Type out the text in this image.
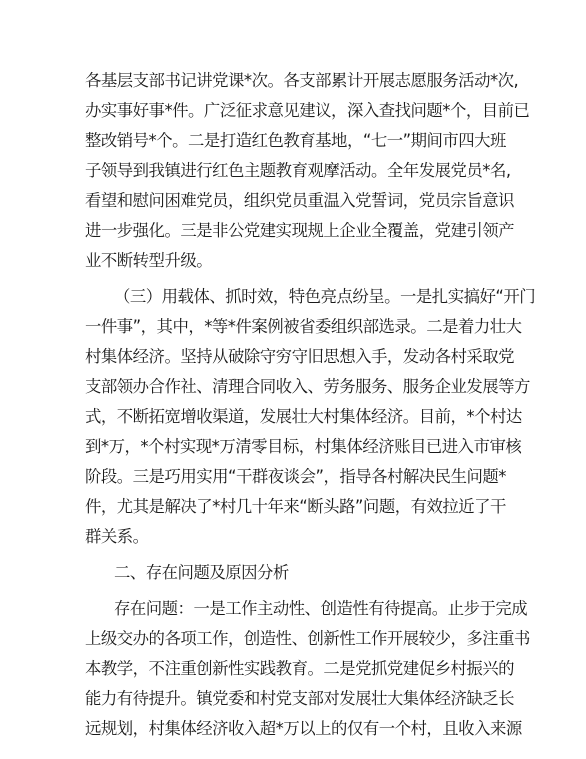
各基层支部书记讲党课*次。各支部累计开展志愿服务活动*次,
办实事好事*件。广泛征求意见建议，深入查找问题*个，目前已
整改销号*个。二是打造红色教育基地，“七一”期间市四大班
子领导到我镇进行红色主题教育观摩活动。全年发展党员*名,
看望和慰问困难党员，组织党员重温入党誓词，党员宗旨意识
进一步强化。三是非公党建实现规上企业全覆盖，党建引领产
业不断转型升级。
（三）用载体、抓时效，特色亮点纷呈。一是扎实搞好“开门
一件事”，其中，*等*件案例被省委组织部选录。二是着力壮大
村集体经济。坚持从破除守穷守旧思想入手，发动各村采取党
支部领办合作社、清理合同收入、劳务服务、服务企业发展等方
式，不断拓宽增收渠道，发展壮大村集体经济。目前，*个村达
到*万，*个村实现*万清零目标，村集体经济账目已进入市审核
阶段。三是巧用实用“干群夜谈会”，指导各村解决民生问题*
件，尤其是解决了*村几十年来“断头路”问题，有效拉近了干
群关系。
二、存在问题及原因分析
存在问题：一是工作主动性、创造性有待提高。止步于完成
上级交办的各项工作，创造性、创新性工作开展较少，多注重书
本教学，不注重创新性实践教育。二是党抓党建促乡村振兴的
能力有待提升。镇党委和村党支部对发展壮大集体经济缺乏长
远规划，村集体经济收入超*万以上的仅有一个村，且收入来源
